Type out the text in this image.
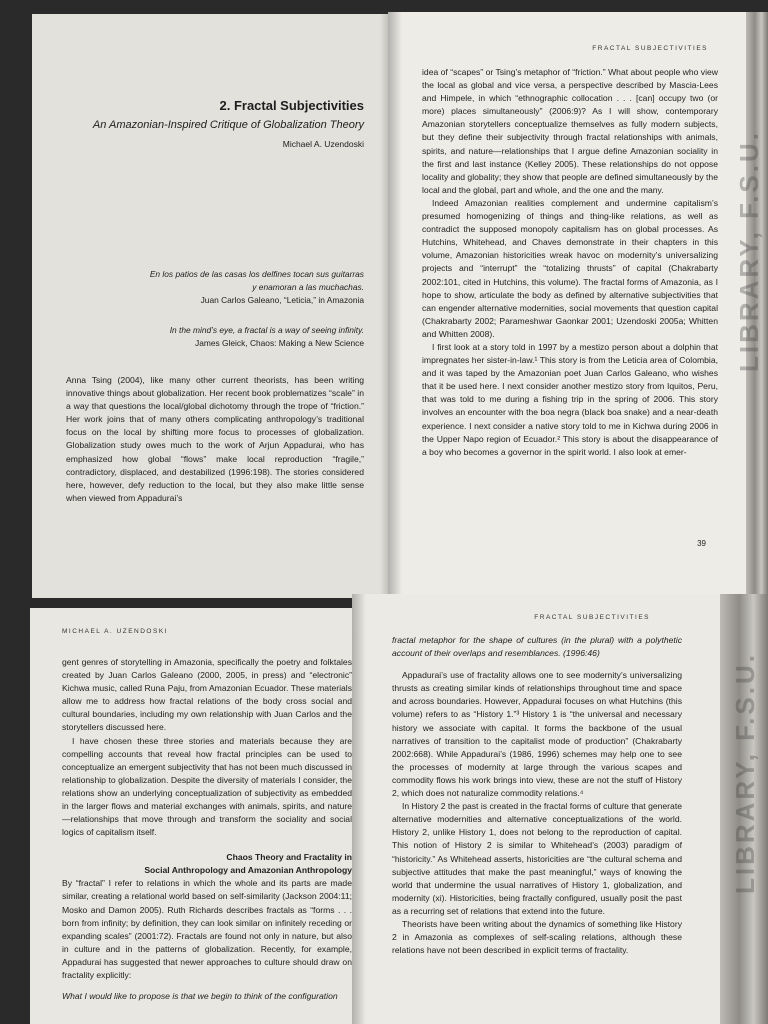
2. Fractal Subjectivities
An Amazonian-Inspired Critique of Globalization Theory
Michael A. Uzendoski
En los patios de las casas los delfines tocan sus guitarras
y enamoran a las muchachas.
Juan Carlos Galeano, “Leticia,” in Amazonia
In the mind’s eye, a fractal is a way of seeing infinity.
James Gleick, Chaos: Making a New Science

Anna Tsing (2004), like many other current theorists, has been writing innovative things about globalization. Her recent book problematizes “scale” in a way that questions the local/global dichotomy through the trope of “friction.” Her work joins that of many others complicating anthropology’s traditional focus on the local by shifting more focus to processes of globalization. Globalization study owes much to the work of Arjun Appadurai, who has emphasized how global “flows” make local reproduction “fragile,” contradictory, displaced, and destabilized (1996:198). The stories considered here, however, defy reduction to the local, but they also make little sense when viewed from Appadurai’s

FRACTAL SUBJECTIVITIES

idea of “scapes” or Tsing’s metaphor of “friction.” What about people who view the local as global and vice versa, a perspective described by Mascia-Lees and Himpele, in which “ethnographic collocation . . . [can] occupy two (or more) places simultaneously” (2006:9)? As I will show, contemporary Amazonian storytellers conceptualize themselves as fully modern subjects, but they define their subjectivity through fractal relationships with animals, spirits, and nature—relationships that I argue define Amazonian sociality in the first and last instance (Kelley 2005). These relationships do not oppose locality and globality; they show that people are defined simultaneously by the local and the global, part and whole, and the one and the many.

Indeed Amazonian realities complement and undermine capitalism’s presumed homogenizing of things and thing-like relations, as well as contradict the supposed monopoly capitalism has on global processes. As Hutchins, Whitehead, and Chaves demonstrate in their chapters in this volume, Amazonian historicities wreak havoc on modernity’s universalizing projects and “interrupt” the “totalizing thrusts” of capital (Chakrabarty 2002:101, cited in Hutchins, this volume). The fractal forms of Amazonia, as I hope to show, articulate the body as defined by alternative subjectivities that can engender alternative modernities, social movements that question capital (Chakrabarty 2002; Parameshwar Gaonkar 2001; Uzendoski 2005a; Whitten and Whitten 2008).

I first look at a story told in 1997 by a mestizo person about a dolphin that impregnates her sister-in-law.¹ This story is from the Leticia area of Colombia, and it was taped by the Amazonian poet Juan Carlos Galeano, who wishes that it be used here. I next consider another mestizo story from Iquitos, Peru, that was told to me during a fishing trip in the spring of 2006. This story involves an encounter with the boa negra (black boa snake) and a near-death experience. I next consider a native story told to me in Kichwa during 2006 in the Upper Napo region of Ecuador.² This story is about the disappearance of a boy who becomes a governor in the spirit world. I also look at emer-

39
LIBRARY, F.S.U.
MICHAEL A. UZENDOSKI

gent genres of storytelling in Amazonia, specifically the poetry and folktales created by Juan Carlos Galeano (2000, 2005, in press) and “electronic” Kichwa music, called Runa Paju, from Amazonian Ecuador. These materials allow me to address how fractal relations of the body cross social and cultural boundaries, including my own relationship with Juan Carlos and the storytellers discussed here.

I have chosen these three stories and materials because they are compelling accounts that reveal how fractal principles can be used to conceptualize an emergent subjectivity that has not been much discussed in relationship to globalization. Despite the diversity of materials I consider, the relations show an underlying conceptualization of subjectivity as embedded in the larger flows and material exchanges with animals, spirits, and nature—relationships that move through and transform the sociality and social logics of capitalism itself.

Chaos Theory and Fractality in
Social Anthropology and Amazonian Anthropology

By “fractal” I refer to relations in which the whole and its parts are made similar, creating a relational world based on self-similarity (Jackson 2004:11; Mosko and Damon 2005). Ruth Richards describes fractals as “forms . . . born from infinity; by definition, they can look similar on infinitely receding or expanding scales” (2001:72). Fractals are found not only in nature, but also in culture and in the patterns of globalization. Recently, for example, Appadurai has suggested that newer approaches to culture should draw on fractality explicitly:

What I would like to propose is that we begin to think of the configuration

FRACTAL SUBJECTIVITIES

fractal metaphor for the shape of cultures (in the plural) with a polythetic account of their overlaps and resemblances. (1996:46)

Appadurai’s use of fractality allows one to see modernity’s universalizing thrusts as creating similar kinds of relationships throughout time and space and across boundaries. However, Appadurai focuses on what Hutchins (this volume) refers to as “History 1.”³ History 1 is “the universal and necessary history we associate with capital. It forms the backbone of the usual narratives of transition to the capitalist mode of production” (Chakrabarty 2002:668). While Appadurai’s (1986, 1996) schemes may help one to see the processes of modernity at large through the various scapes and commodity flows his work brings into view, these are not the stuff of History 2, which does not naturalize commodity relations.⁴

In History 2 the past is created in the fractal forms of culture that generate alternative modernities and alternative conceptualizations of the world. History 2, unlike History 1, does not belong to the reproduction of capital. This notion of History 2 is similar to Whitehead’s (2003) paradigm of “historicity.” As Whitehead asserts, historicities are “the cultural schema and subjective attitudes that make the past meaningful,” ways of knowing the world that undermine the usual narratives of History 1, globalization, and modernity (xi). Historicities, being fractally configured, usually posit the past as a recurring set of relations that extend into the future.

Theorists have been writing about the dynamics of something like History 2 in Amazonia as complexes of self-scaling relations, although these relations have not been described in explicit terms of fractality.

LIBRARY, F.S.U.
